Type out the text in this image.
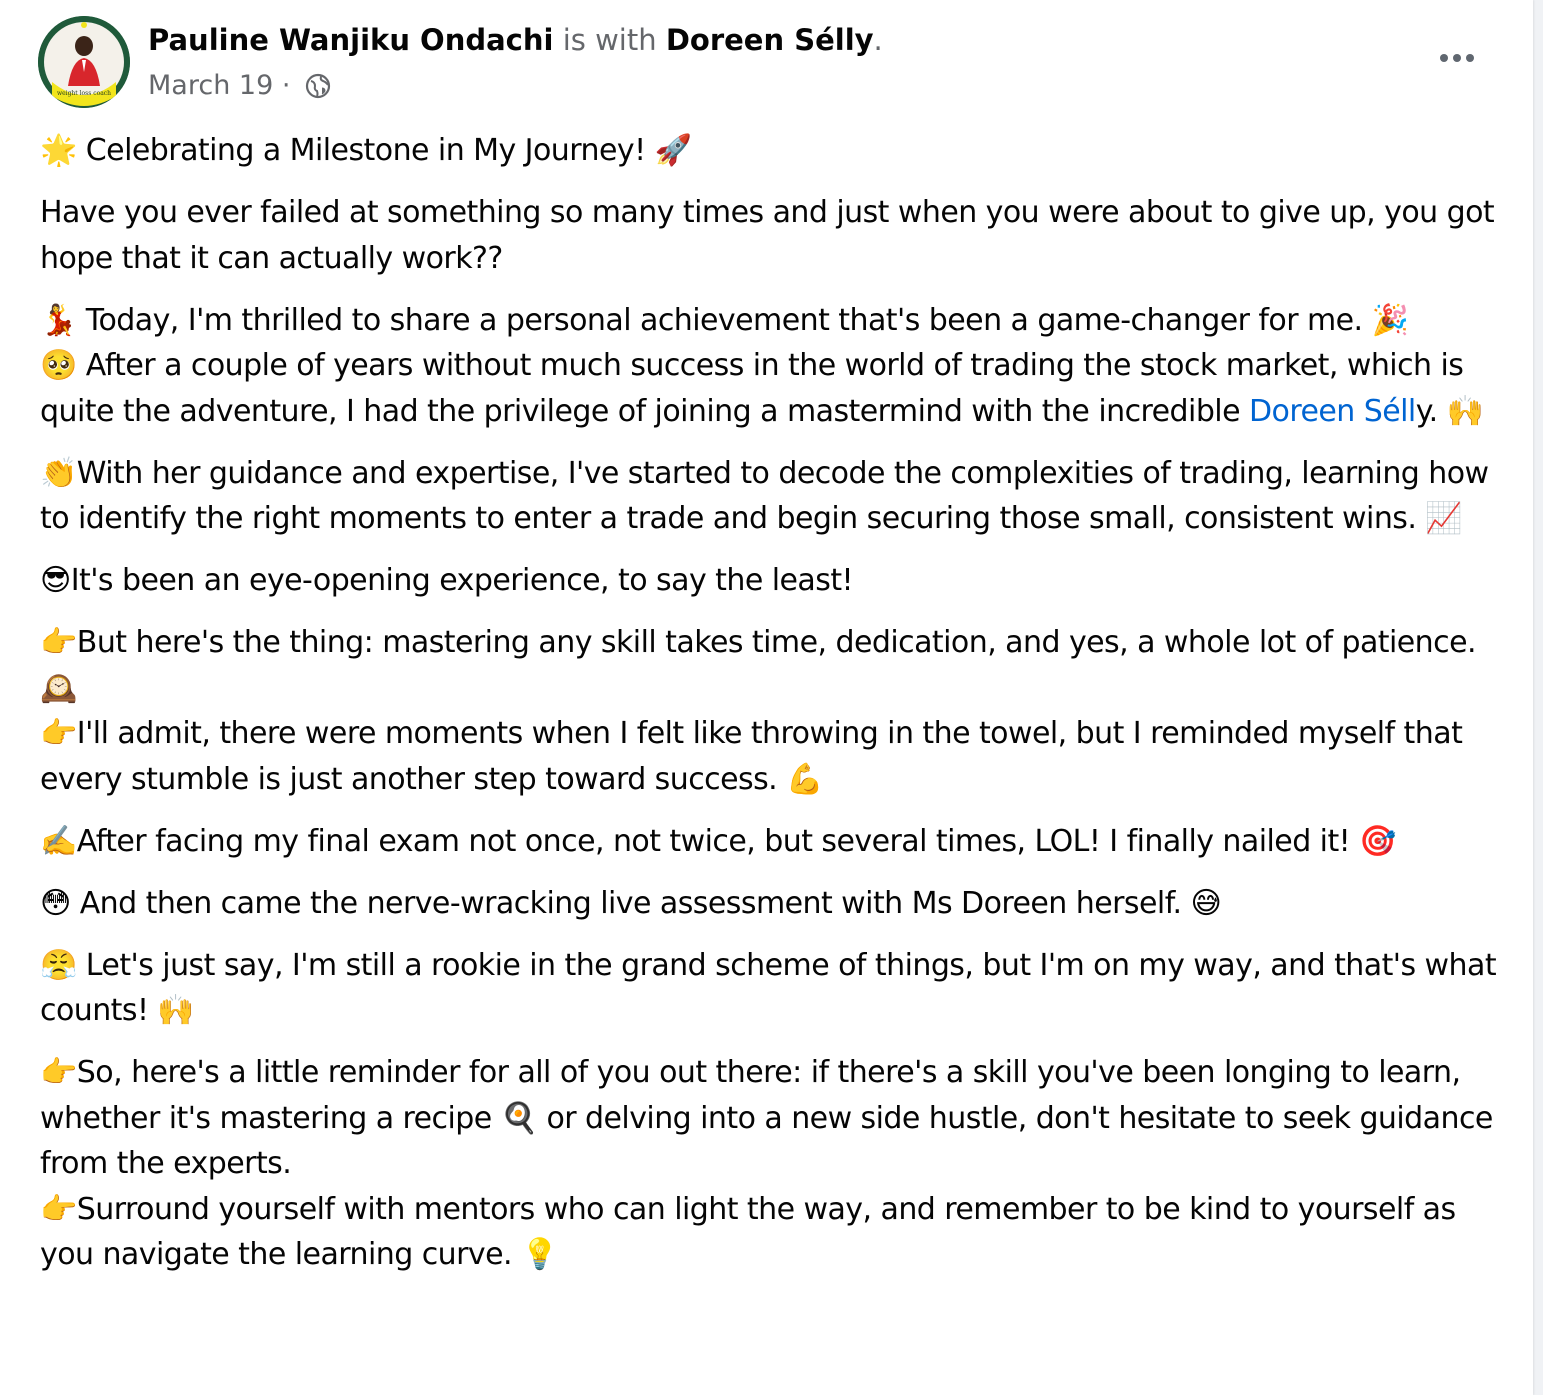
weight loss coach
Pauline Wanjiku Ondachi is with Doreen Sélly.
March 19 ·

🌟 Celebrating a Milestone in My Journey! 🚀

Have you ever failed at something so many times and just when you were about to give up, you got hope that it can actually work??

💃 Today, I'm thrilled to share a personal achievement that's been a game-changer for me. 🎉
🥺 After a couple of years without much success in the world of trading the stock market, which is quite the adventure, I had the privilege of joining a mastermind with the incredible Doreen Sélly. 🙌

👏With her guidance and expertise, I've started to decode the complexities of trading, learning how to identify the right moments to enter a trade and begin securing those small, consistent wins. 📈

😎It's been an eye-opening experience, to say the least!

👉But here's the thing: mastering any skill takes time, dedication, and yes, a whole lot of patience. 🕰️
👉I'll admit, there were moments when I felt like throwing in the towel, but I reminded myself that every stumble is just another step toward success. 💪

✍️After facing my final exam not once, not twice, but several times, LOL! I finally nailed it! 🎯

😳 And then came the nerve-wracking live assessment with Ms Doreen herself. 😅

😤 Let's just say, I'm still a rookie in the grand scheme of things, but I'm on my way, and that's what counts! 🙌

👉So, here's a little reminder for all of you out there: if there's a skill you've been longing to learn, whether it's mastering a recipe 🍳 or delving into a new side hustle, don't hesitate to seek guidance from the experts.
👉Surround yourself with mentors who can light the way, and remember to be kind to yourself as you navigate the learning curve. 💡
